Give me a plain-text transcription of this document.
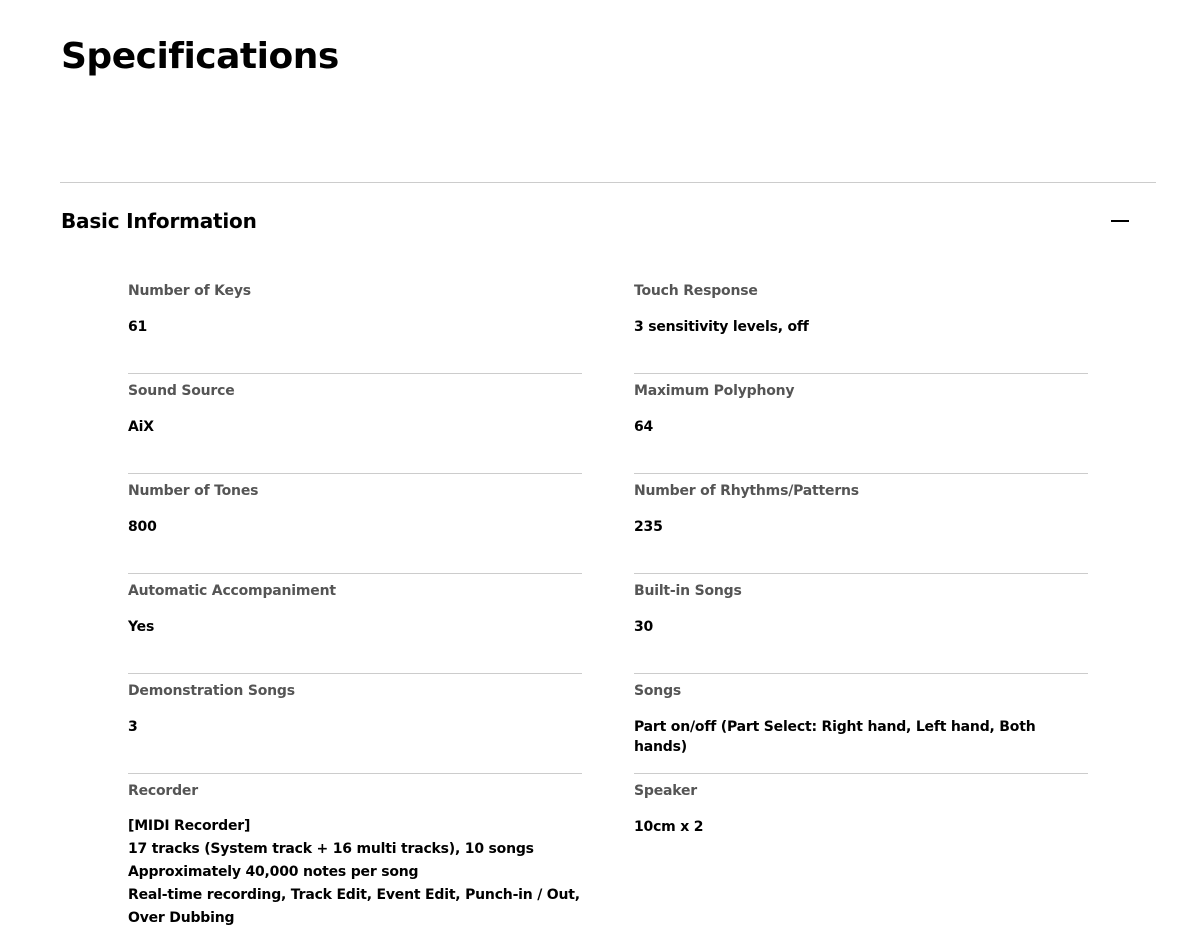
Specifications
Basic Information
Number of Keys
61
Touch Response
3 sensitivity levels, off
Sound Source
AiX
Maximum Polyphony
64
Number of Tones
800
Number of Rhythms/Patterns
235
Automatic Accompaniment
Yes
Built-in Songs
30
Demonstration Songs
3
Songs
Part on/off (Part Select: Right hand, Left hand, Both hands)
Recorder
[MIDI Recorder]
17 tracks (System track + 16 multi tracks), 10 songs
Approximately 40,000 notes per song
Real-time recording, Track Edit, Event Edit, Punch-in / Out, Over Dubbing
Speaker
10cm x 2
